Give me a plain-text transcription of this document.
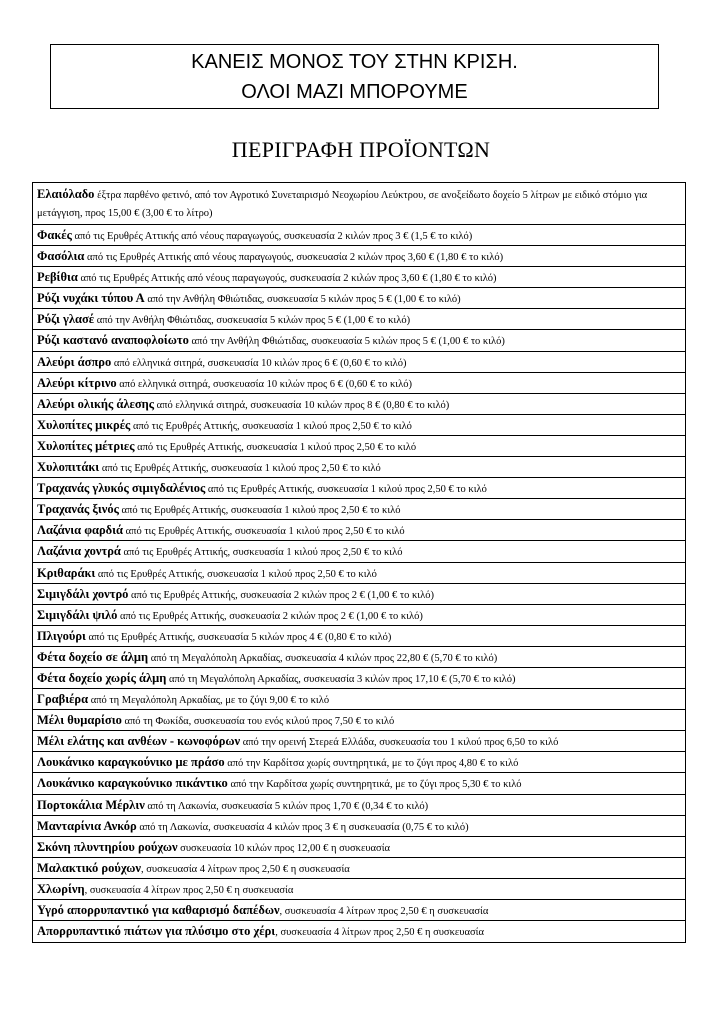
ΚΑΝΕΙΣ ΜΟΝΟΣ ΤΟΥ ΣΤΗΝ ΚΡΙΣΗ.
ΟΛΟΙ ΜΑΖΙ ΜΠΟΡΟΥΜΕ
ΠΕΡΙΓΡΑΦΗ ΠΡΟΪΟΝΤΩΝ
Ελαιόλαδο έξτρα παρθένο φετινό, από τον Αγροτικό Συνεταιρισμό Νεοχωρίου Λεύκτρου, σε ανοξείδωτο δοχείο 5 λίτρων με ειδικό στόμιο για μετάγγιση, προς 15,00 € (3,00 € το λίτρο)
Φακές από τις Ερυθρές Αττικής από νέους παραγωγούς, συσκευασία 2 κιλών προς 3 € (1,5 € το κιλό)
Φασόλια από τις Ερυθρές Αττικής από νέους παραγωγούς, συσκευασία 2 κιλών προς 3,60 € (1,80 € το κιλό)
Ρεβίθια από τις Ερυθρές Αττικής από νέους παραγωγούς, συσκευασία 2 κιλών προς 3,60 € (1,80 € το κιλό)
Ρύζι νυχάκι τύπου Α από την Ανθήλη Φθιώτιδας, συσκευασία 5 κιλών προς 5 € (1,00 € το κιλό)
Ρύζι γλασέ από την Ανθήλη Φθιώτιδας, συσκευασία 5 κιλών προς 5 € (1,00 € το κιλό)
Ρύζι καστανό αναποφλοίωτο από την Ανθήλη Φθιώτιδας, συσκευασία 5 κιλών προς 5 € (1,00 € το κιλό)
Αλεύρι άσπρο από ελληνικά σιτηρά, συσκευασία 10 κιλών προς 6 € (0,60 € το κιλό)
Αλεύρι κίτρινο από ελληνικά σιτηρά, συσκευασία 10 κιλών προς 6 € (0,60 € το κιλό)
Αλεύρι ολικής άλεσης από ελληνικά σιτηρά, συσκευασία 10 κιλών προς 8 € (0,80 € το κιλό)
Χυλοπίτες μικρές από τις Ερυθρές Αττικής, συσκευασία 1 κιλού προς 2,50 € το κιλό
Χυλοπίτες μέτριες από τις Ερυθρές Αττικής, συσκευασία 1 κιλού προς 2,50 € το κιλό
Χυλοπιτάκι από τις Ερυθρές Αττικής, συσκευασία 1 κιλού προς 2,50 € το κιλό
Τραχανάς γλυκός σιμιγδαλένιος από τις Ερυθρές Αττικής, συσκευασία 1 κιλού προς 2,50 € το κιλό
Τραχανάς ξινός από τις Ερυθρές Αττικής, συσκευασία 1 κιλού προς 2,50 € το κιλό
Λαζάνια φαρδιά από τις Ερυθρές Αττικής, συσκευασία 1 κιλού προς 2,50 € το κιλό
Λαζάνια χοντρά από τις Ερυθρές Αττικής, συσκευασία 1 κιλού προς 2,50 € το κιλό
Κριθαράκι από τις Ερυθρές Αττικής, συσκευασία 1 κιλού προς 2,50 € το κιλό
Σιμιγδάλι χοντρό από τις Ερυθρές Αττικής, συσκευασία 2 κιλών προς 2 € (1,00 € το κιλό)
Σιμιγδάλι ψιλό από τις Ερυθρές Αττικής, συσκευασία 2 κιλών προς 2 € (1,00 € το κιλό)
Πλιγούρι από τις Ερυθρές Αττικής, συσκευασία 5 κιλών προς 4 € (0,80 € το κιλό)
Φέτα δοχείο σε άλμη από τη Μεγαλόπολη Αρκαδίας, συσκευασία 4 κιλών προς 22,80 € (5,70 € το κιλό)
Φέτα δοχείο χωρίς άλμη από τη Μεγαλόπολη Αρκαδίας, συσκευασία 3 κιλών προς 17,10 € (5,70 € το κιλό)
Γραβιέρα από τη Μεγαλόπολη Αρκαδίας, με το ζύγι 9,00 € το κιλό
Μέλι θυμαρίσιο από τη Φωκίδα, συσκευασία του ενός κιλού προς 7,50 € το κιλό
Μέλι ελάτης και ανθέων - κωνοφόρων από την ορεινή Στερεά Ελλάδα, συσκευασία του 1 κιλού προς 6,50 το κιλό
Λουκάνικο καραγκούνικο με πράσο από την Καρδίτσα χωρίς συντηρητικά, με το ζύγι προς 4,80 € το κιλό
Λουκάνικο καραγκούνικο πικάντικο από την Καρδίτσα χωρίς συντηρητικά, με το ζύγι προς 5,30 € το κιλό
Πορτοκάλια Μέρλιν από τη Λακωνία, συσκευασία 5 κιλών προς 1,70 € (0,34 € το κιλό)
Μανταρίνια Ανκόρ από τη Λακωνία, συσκευασία 4 κιλών προς 3 € η συσκευασία (0,75 € το κιλό)
Σκόνη πλυντηρίου ρούχων συσκευασία 10 κιλών προς 12,00 € η συσκευασία
Μαλακτικό ρούχων, συσκευασία 4 λίτρων προς 2,50 € η συσκευασία
Χλωρίνη, συσκευασία 4 λίτρων προς 2,50 € η συσκευασία
Υγρό απορρυπαντικό για καθαρισμό δαπέδων, συσκευασία 4 λίτρων προς 2,50 € η συσκευασία
Απορρυπαντικό πιάτων για πλύσιμο στο χέρι, συσκευασία 4 λίτρων προς 2,50 € η συσκευασία
